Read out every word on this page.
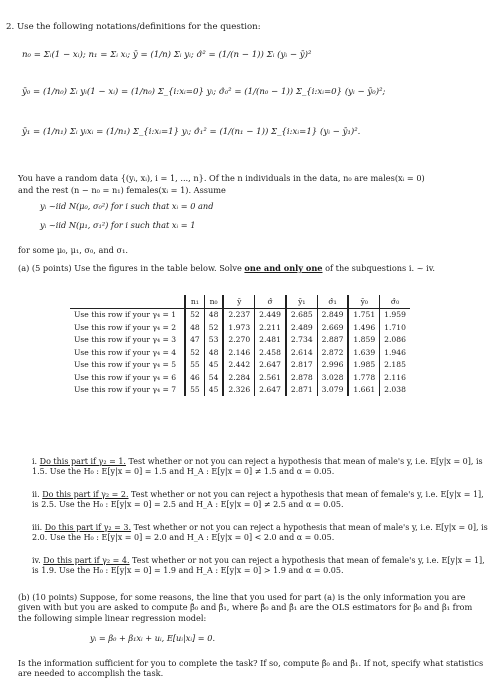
2. Use the following notations/definitions for the question:
n₀ = Σᵢ(1 − xᵢ); n₁ = Σᵢ xᵢ; ȳ = (1/n) Σᵢ yᵢ; σ̂² = (1/(n − 1)) Σᵢ (yᵢ − ȳ)²
ȳ₀ = (1/n₀) Σᵢ yᵢ(1 − xᵢ) = (1/n₀) Σ_{i:xᵢ=0} yᵢ; σ̂₀² = (1/(n₀ − 1)) Σ_{i:xᵢ=0} (yᵢ − ȳ₀)²;
ȳ₁ = (1/n₁) Σᵢ yᵢxᵢ = (1/n₁) Σ_{i:xᵢ=1} yᵢ; σ̂₁² = (1/(n₁ − 1)) Σ_{i:xᵢ=1} (yᵢ − ȳ₁)².
You have a random data {(yᵢ, xᵢ), i = 1, ..., n}. Of the n individuals in the data, n₀ are males(xᵢ = 0)
and the rest (n − n₀ = n₁) females(xᵢ = 1). Assume
yᵢ ~iid N(μ₀, σ₀²) for i such that xᵢ = 0 and
yᵢ ~iid N(μ₁, σ₁²) for i such that xᵢ = 1
for some μ₀, μ₁, σ₀, and σ₁.
(a) (5 points) Use the figures in the table below. Solve one and only one of the subquestions i. ~ iv.
	n₁	n₀	ȳ	σ̂	ȳ₁	σ̂₁	ȳ₀	σ̂₀
Use this row if your γ₄ = 1	52	48	2.237	2.449	2.685	2.849	1.751	1.959
Use this row if your γ₄ = 2	48	52	1.973	2.211	2.489	2.669	1.496	1.710
Use this row if your γ₄ = 3	47	53	2.270	2.481	2.734	2.887	1.859	2.086
Use this row if your γ₄ = 4	52	48	2.146	2.458	2.614	2.872	1.639	1.946
Use this row if your γ₄ = 5	55	45	2.442	2.647	2.817	2.996	1.985	2.185
Use this row if your γ₄ = 6	46	54	2.284	2.561	2.878	3.028	1.778	2.116
Use this row if your γ₄ = 7	55	45	2.326	2.647	2.871	3.079	1.661	2.038
i. Do this part if γ₂ = 1. Test whether or not you can reject a hypothesis that mean of male's y, i.e. E[y|x = 0], is 1.5. Use the H₀ : E[y|x = 0] = 1.5 and H_A : E[y|x = 0] ≠ 1.5 and α = 0.05.
ii. Do this part if γ₂ = 2. Test whether or not you can reject a hypothesis that mean of female's y, i.e. E[y|x = 1], is 2.5. Use the H₀ : E[y|x = 0] = 2.5 and H_A : E[y|x = 0] ≠ 2.5 and α = 0.05.
iii. Do this part if γ₂ = 3. Test whether or not you can reject a hypothesis that mean of male's y, i.e. E[y|x = 0], is 2.0. Use the H₀ : E[y|x = 0] = 2.0 and H_A : E[y|x = 0] < 2.0 and α = 0.05.
iv. Do this part if γ₂ = 4. Test whether or not you can reject a hypothesis that mean of female's y, i.e. E[y|x = 1], is 1.9. Use the H₀ : E[y|x = 0] = 1.9 and H_A : E[y|x = 0] > 1.9 and α = 0.05.
(b) (10 points) Suppose, for some reasons, the line that you used for part (a) is the only information you are given with but you are asked to compute β̂₀ and β̂₁, where β̂₀ and β̂₁ are the OLS estimators for β₀ and β₁ from the following simple linear regression model:
yᵢ = β₀ + β₁xᵢ + uᵢ, E[uᵢ|xᵢ] = 0.
Is the information sufficient for you to complete the task? If so, compute β̂₀ and β̂₁. If not, specify what statistics are needed to accomplish the task.
